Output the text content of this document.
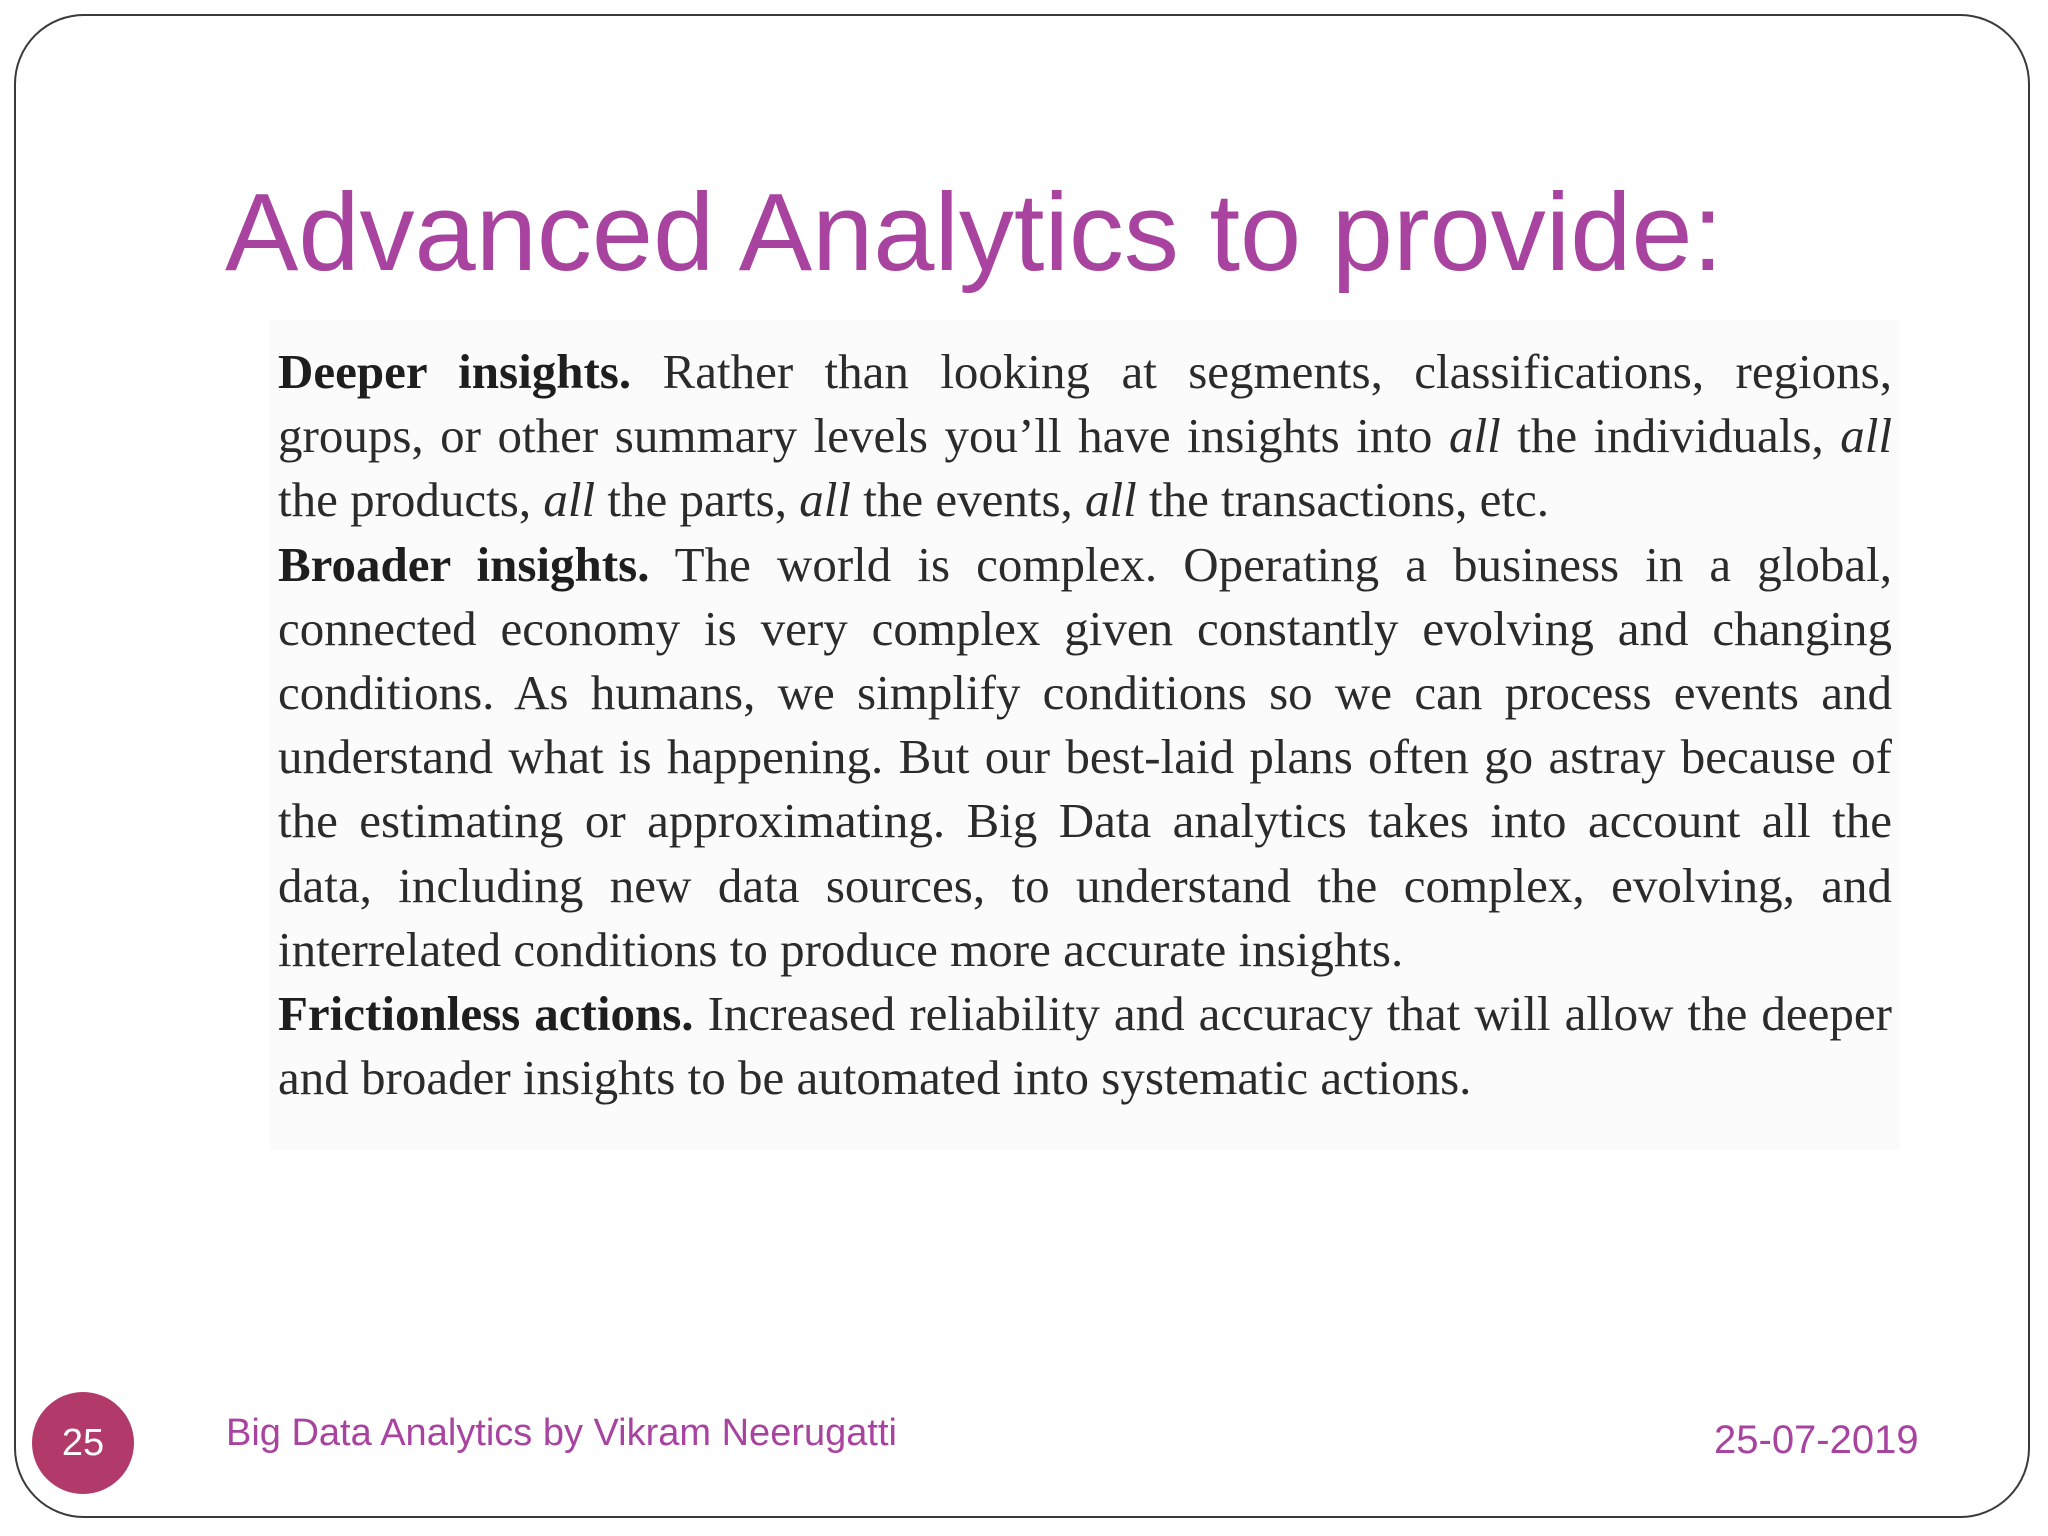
Advanced Analytics to provide:

Deeper insights. Rather than looking at segments, classifications, regions, groups, or other summary levels you’ll have insights into all the individuals, all the products, all the parts, all the events, all the transactions, etc.

Broader insights. The world is complex. Operating a business in a global, connected economy is very complex given constantly evolving and changing conditions. As humans, we simplify conditions so we can process events and understand what is happening. But our best-laid plans often go astray because of the estimating or approximating. Big Data analytics takes into account all the data, including new data sources, to understand the complex, evolving, and interrelated conditions to produce more accurate insights.

Frictionless actions. Increased reliability and accuracy that will allow the deeper and broader insights to be automated into systematic actions.

25	Big Data Analytics by Vikram Neerugatti	25-07-2019
